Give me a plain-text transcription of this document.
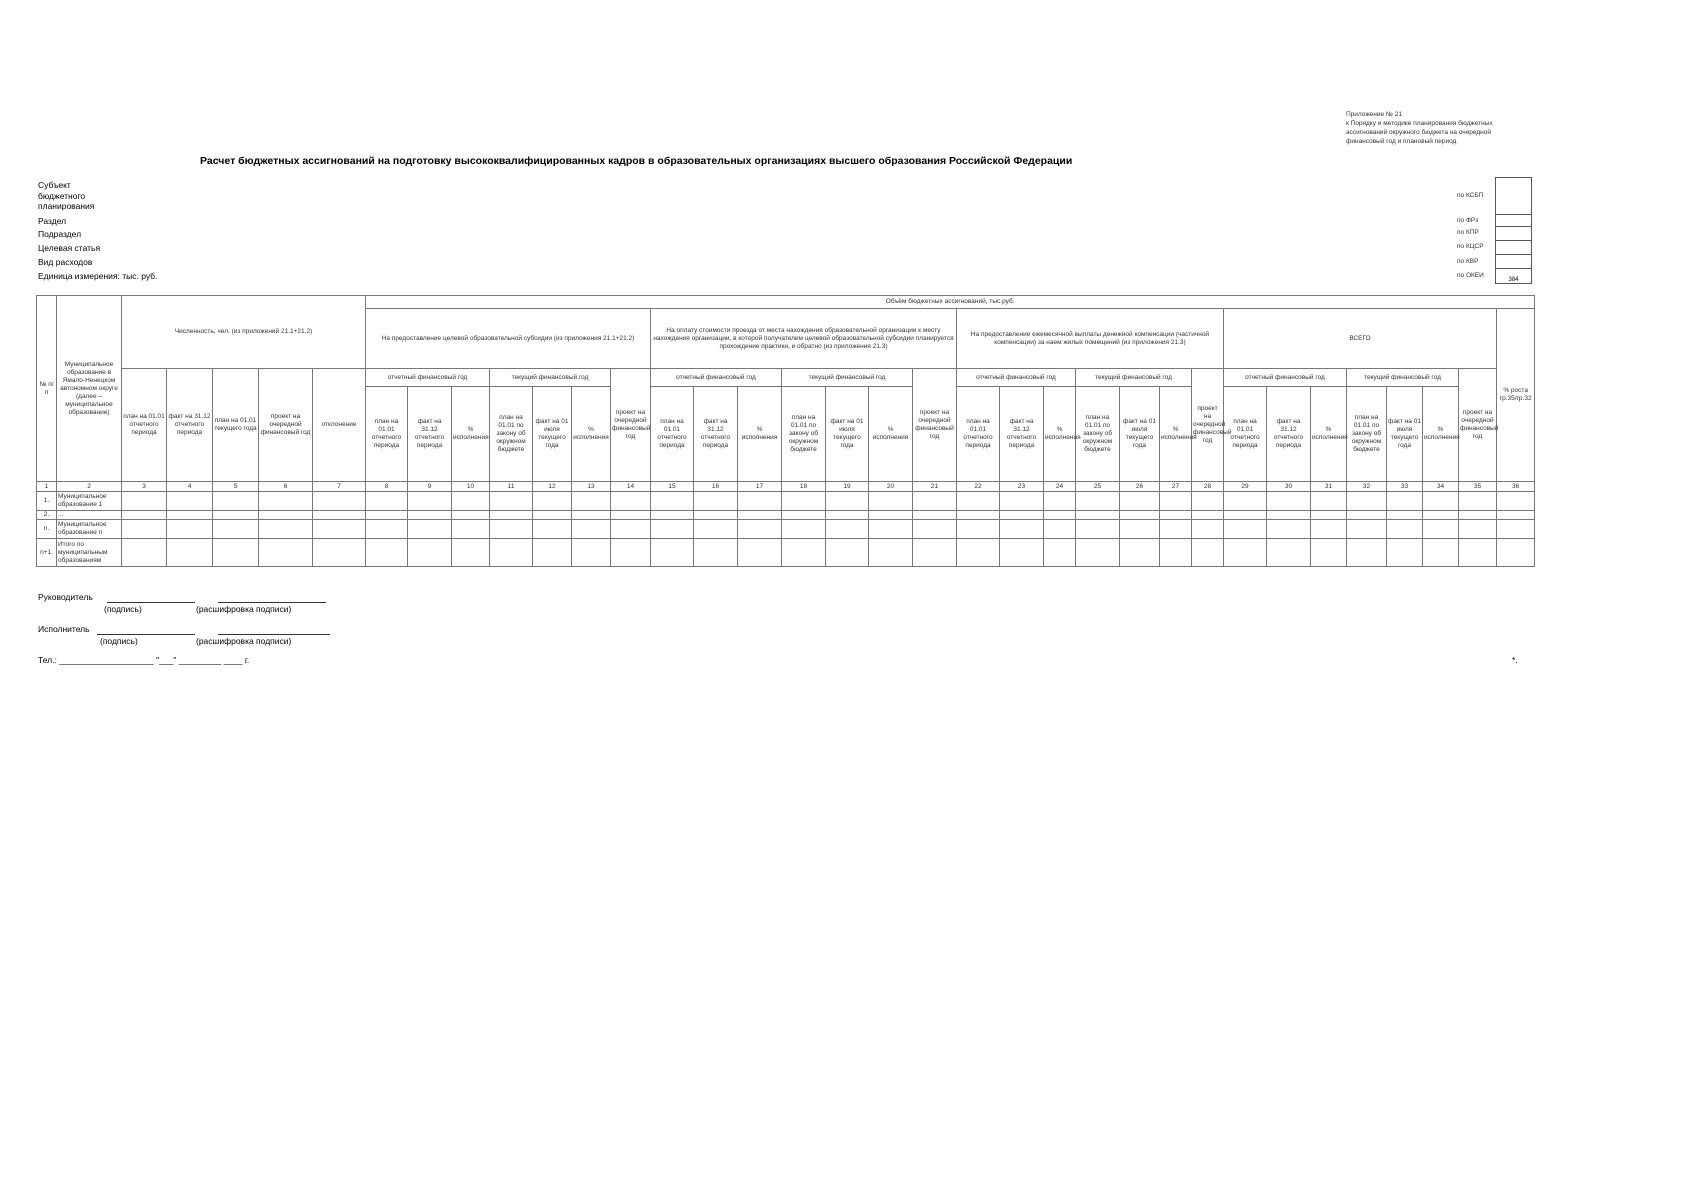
Приложение № 21
к Порядку и методике планирования бюджетных
ассигнований окружного бюджета на очередной
финансовый год и плановый период
Расчет бюджетных ассигнований на подготовку высококвалифицированных кадров в образовательных организациях высшего образования Российской Федерации
Субъект бюджетного планирования
Раздел
Подраздел
Целевая статья
Вид расходов
Единица измерения: тыс. руб.
по КСБП
по ФРз
по КПР
по КЦСР
по КВР
по ОКЕИ
384
№ п/п	Муниципальное образование в Ямало-Ненецком автономном округе (далее – муниципальное образование)	Численность, чел. (из приложений 21.1+21.2)					Объём бюджетных ассигнований, тыс.руб.																												
							На предоставление целевой образовательной субсидии (из приложения 21.1+21.2)							На оплату стоимости проезда от места нахождения образовательной организации к месту нахождения организации, в которой получателем целевой образовательной субсидии планируется прохождение практики, и обратно (из приложения 21.3)							На предоставление ежемесячной выплаты денежной компенсации (частичной компенсации) за наем жилых помещений (из приложения 21.3)							ВСЕГО							% роста гр.35/гр.32
		план на 01.01 отчетного периода	факт на 31.12 отчетного периода	план на 01.01 текущего года	проект на очередной финансовый год	отклонение	отчетный финансовый год			текущий финансовый год			проект на очередной финансовый год	отчетный финансовый год			текущий финансовый год			проект на очередной финансовый год	отчетный финансовый год			текущий финансовый год			проект на очередной финансовый год	отчетный финансовый год			текущий финансовый год			проект на очередной финансовый год	
							план на 01.01 отчетного периода	факт на 31.12 отчетного периода	% исполнения	план на 01.01 по закону об окружном бюджете	факт на 01 июля текущего года	% исполнения		план на 01.01 отчетного периода	факт на 31.12 отчетного периода	% исполнения	план на 01.01 по закону об окружном бюджете	факт на 01 июля текущего года	% исполнения		план на 01.01 отчетного периода	факт на 31.12 отчетного периода	% исполнения	план на 01.01 по закону об окружном бюджете	факт на 01 июля текущего года	% исполнения		план на 01.01 отчетного периода	факт на 31.12 отчетного периода	% исполнения	план на 01.01 по закону об окружном бюджете	факт на 01 июля текущего года	% исполнения		
1	2	3	4	5	6	7	8	9	10	11	12	13	14	15	16	17	18	19	20	21	22	23	24	25	26	27	28	29	30	31	32	33	34	35	36
1.	Муниципальное образование 1																																		
2.	...																																		
n.	Муниципальное образование n																																		
n+1.	Итого по муниципальным образованиям																																		
Руководитель
(подпись)	(расшифровка подписи)
Исполнитель
(подпись)	(расшифровка подписи)
Тел.: ____________________ "___" _________ ____ г.	*.
